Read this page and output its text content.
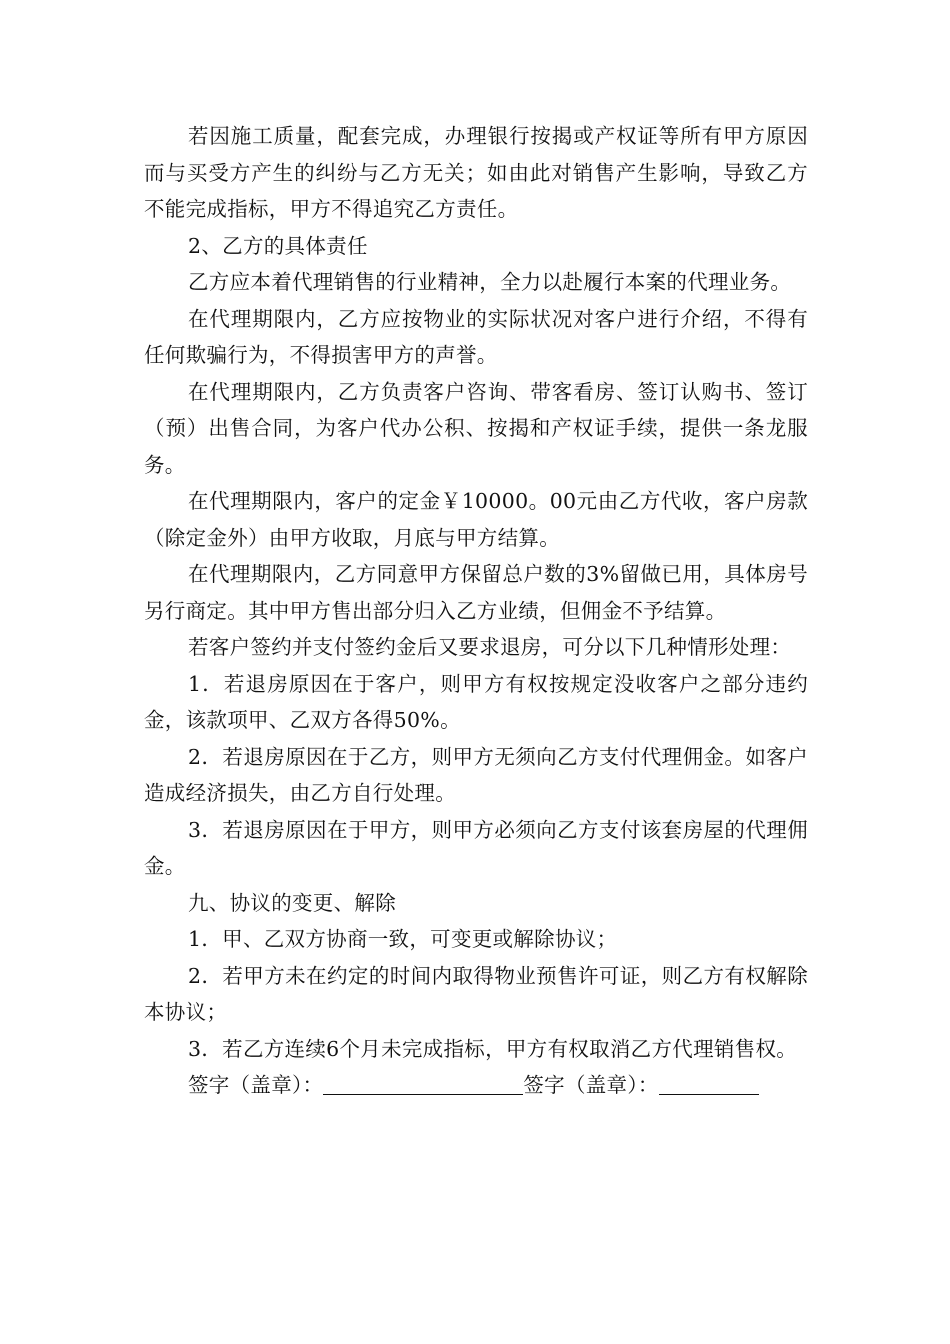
若因施工质量，配套完成，办理银行按揭或产权证等所有甲方原因而与买受方产生的纠纷与乙方无关；如由此对销售产生影响，导致乙方不能完成指标，甲方不得追究乙方责任。

2、乙方的具体责任

乙方应本着代理销售的行业精神，全力以赴履行本案的代理业务。

在代理期限内，乙方应按物业的实际状况对客户进行介绍，不得有任何欺骗行为，不得损害甲方的声誉。

在代理期限内，乙方负责客户咨询、带客看房、签订认购书、签订（预）出售合同，为客户代办公积、按揭和产权证手续，提供一条龙服务。

在代理期限内，客户的定金￥10000。00元由乙方代收，客户房款（除定金外）由甲方收取，月底与甲方结算。

在代理期限内，乙方同意甲方保留总户数的3%留做已用，具体房号另行商定。其中甲方售出部分归入乙方业绩，但佣金不予结算。

若客户签约并支付签约金后又要求退房，可分以下几种情形处理：

1．若退房原因在于客户，则甲方有权按规定没收客户之部分违约金，该款项甲、乙双方各得50%。

2．若退房原因在于乙方，则甲方无须向乙方支付代理佣金。如客户造成经济损失，由乙方自行处理。

3．若退房原因在于甲方，则甲方必须向乙方支付该套房屋的代理佣金。

九、协议的变更、解除

1．甲、乙双方协商一致，可变更或解除协议；

2．若甲方未在约定的时间内取得物业预售许可证，则乙方有权解除本协议；

3．若乙方连续6个月未完成指标，甲方有权取消乙方代理销售权。

签字（盖章）：	签字（盖章）：
